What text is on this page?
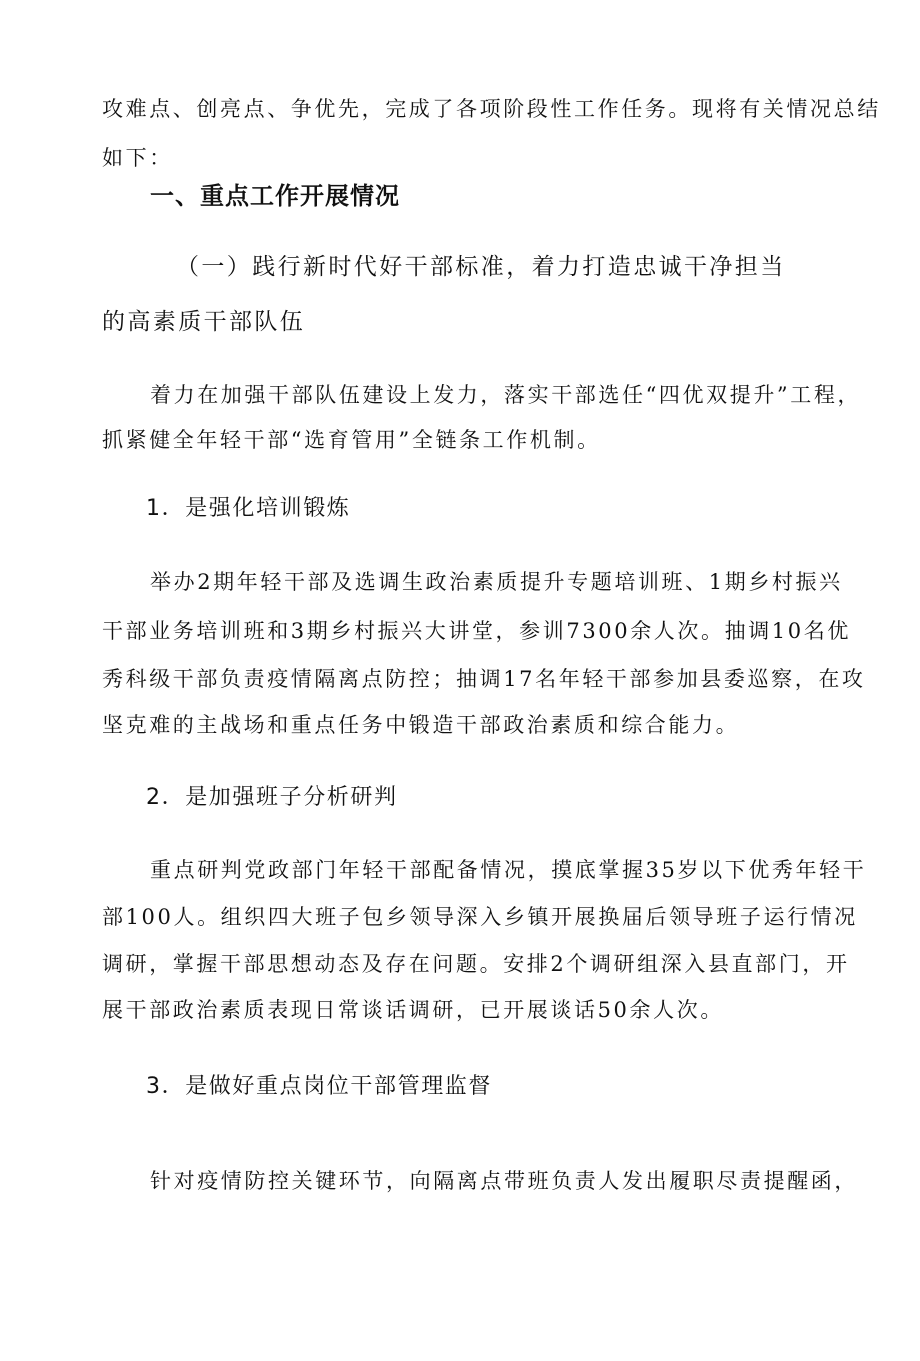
攻难点、创亮点、争优先，完成了各项阶段性工作任务。现将有关情况总结
如下：
一、重点工作开展情况
（一）践行新时代好干部标准，着力打造忠诚干净担当
的高素质干部队伍
着力在加强干部队伍建设上发力，落实干部选任“四优双提升”工程，
抓紧健全年轻干部“选育管用”全链条工作机制。
1．是强化培训锻炼
举办2期年轻干部及选调生政治素质提升专题培训班、1期乡村振兴
干部业务培训班和3期乡村振兴大讲堂，参训7300余人次。抽调10名优
秀科级干部负责疫情隔离点防控；抽调17名年轻干部参加县委巡察，在攻
坚克难的主战场和重点任务中锻造干部政治素质和综合能力。
2．是加强班子分析研判
重点研判党政部门年轻干部配备情况，摸底掌握35岁以下优秀年轻干
部100人。组织四大班子包乡领导深入乡镇开展换届后领导班子运行情况
调研，掌握干部思想动态及存在问题。安排2个调研组深入县直部门，开
展干部政治素质表现日常谈话调研，已开展谈话50余人次。
3．是做好重点岗位干部管理监督
针对疫情防控关键环节，向隔离点带班负责人发出履职尽责提醒函，
